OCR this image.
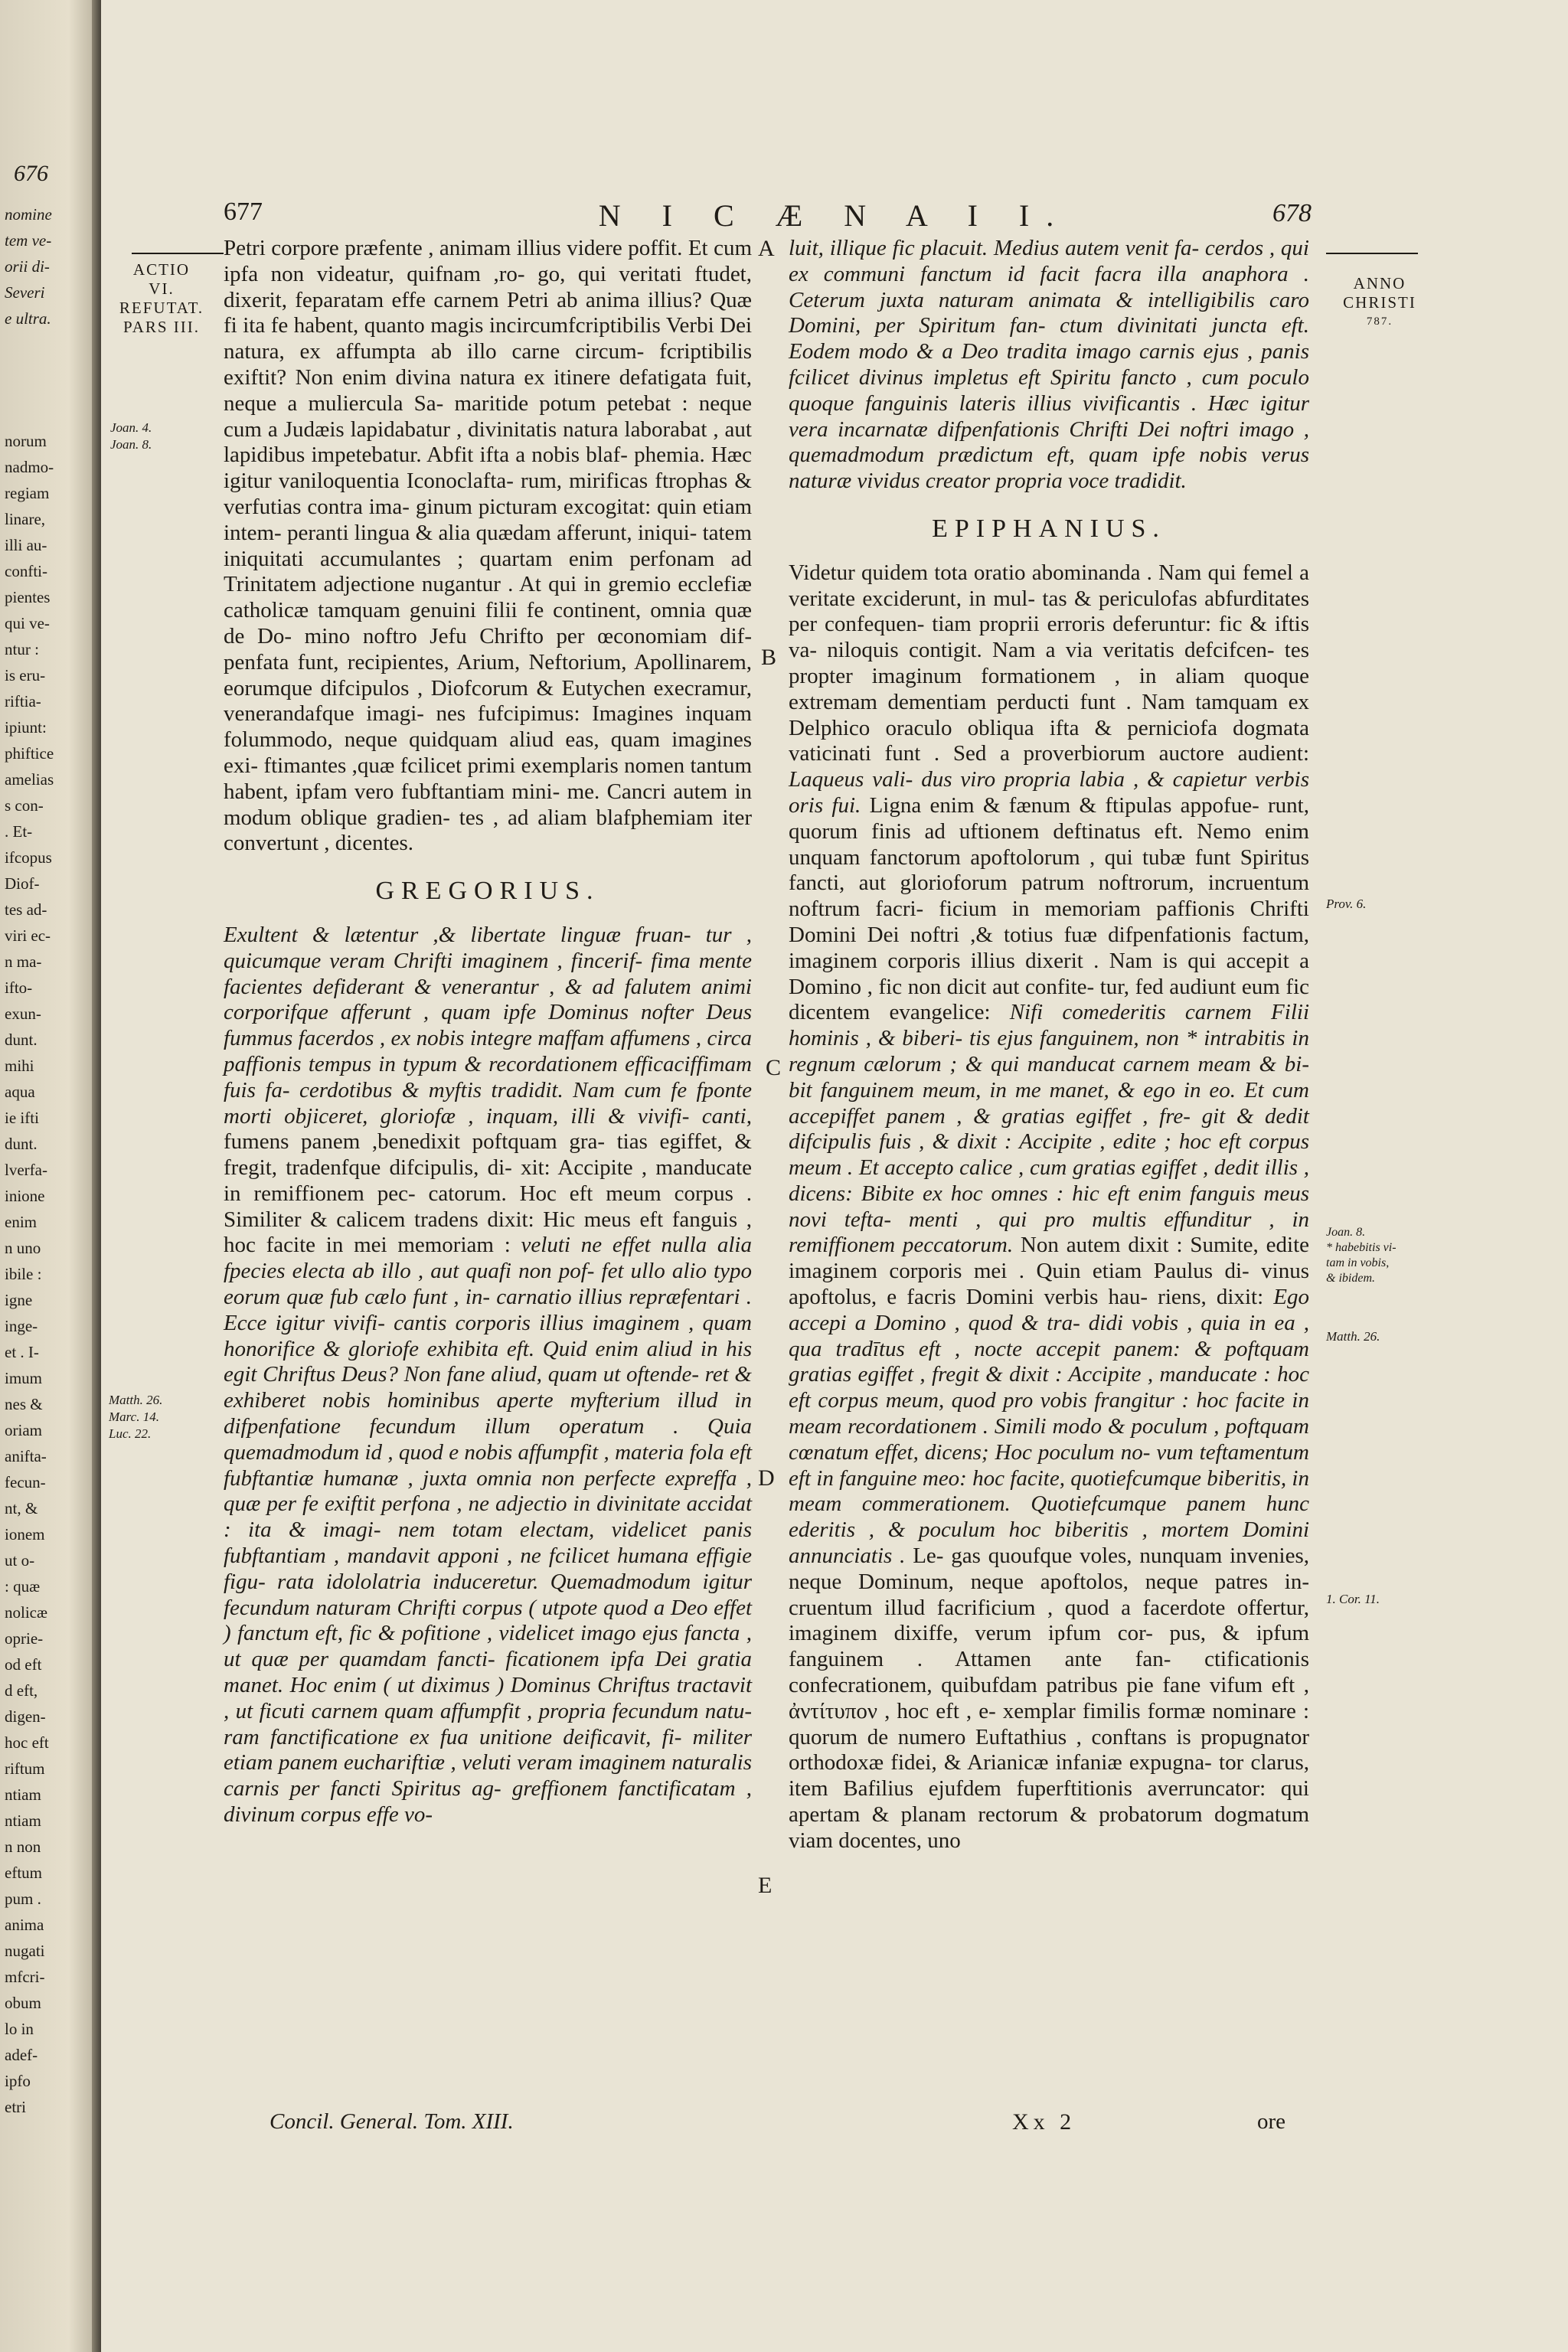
676
nomine
tem ve-
orii di-
Severi
e ultra.
norum
nadmo-
regiam
linare,
illi au-
confti-
pientes
qui ve-
ntur :
is eru-
riftia-
ipiunt:
phiftice
amelias
s con-
. Et-
ifcopus
Diof-
tes ad-
viri ec-
n ma-
ifto-
exun-
dunt.
mihi
aqua
ie ifti
dunt.
lverfa-
inione
enim
n uno
ibile :
igne
inge-
et . I-
imum
nes &
oriam
anifta-
fecun-
nt, &
ionem
ut o-
: quæ
nolicæ
oprie-
od eft
d eft,
digen-
hoc eft
riftum
ntiam
ntiam
n non
eftum
pum .
anima
nugati
mfcri-
obum
lo in
adef-
ipfo
etri
N I C Æ N A I I.
677	678
ACTIO
VI.
REFUTAT.
PARS III.
ANNO
CHRISTI
787.
Joan. 4.
Joan. 8.
Matth. 26.
Marc. 14.
Luc. 22.
Prov. 6.
Joan. 8.
* habebitis vi-
tam in vobis,
& ibidem.
Matth. 26.
1. Cor. 11.
A
B
C
D
E

Petri corpore præfente , animam illius videre poffit. Et cum ipfa non videatur, quifnam ,ro- go, qui veritati ftudet, dixerit, feparatam effe carnem Petri ab anima illius? Quæ fi ita fe habent, quanto magis incircumfcriptibilis Verbi Dei natura, ex affumpta ab illo carne circum- fcriptibilis exiftit? Non enim divina natura ex itinere defatigata fuit, neque a muliercula Sa- maritide potum petebat : neque cum a Judæis lapidabatur , divinitatis natura laborabat , aut lapidibus impetebatur. Abfit ifta a nobis blaf- phemia. Hæc igitur vaniloquentia Iconoclafta- rum, mirificas ftrophas & verfutias contra ima- ginum picturam excogitat: quin etiam intem- peranti lingua & alia quædam afferunt, iniqui- tatem iniquitati accumulantes ; quartam enim perfonam ad Trinitatem adjectione nugantur . At qui in gremio ecclefiæ catholicæ tamquam genuini filii fe continent, omnia quæ de Do- mino noftro Jefu Chrifto per œconomiam dif- penfata funt, recipientes, Arium, Neftorium, Apollinarem, eorumque difcipulos , Diofcorum & Eutychen execramur, venerandafque imagi- nes fufcipimus: Imagines inquam folummodo, neque quidquam aliud eas, quam imagines exi- ftimantes ,quæ fcilicet primi exemplaris nomen tantum habent, ipfam vero fubftantiam mini- me. Cancri autem in modum oblique gradien- tes , ad aliam blafphemiam iter convertunt , dicentes.

GREGORIUS.

Exultent & lætentur ,& libertate linguæ fruan- tur , quicumque veram Chrifti imaginem , fincerif- fima mente facientes defiderant & venerantur , & ad falutem animi corporifque afferunt , quam ipfe Dominus nofter Deus fummus facerdos , ex nobis integre maffam affumens , circa paffionis tempus in typum & recordationem efficaciffimam fuis fa- cerdotibus & myftis tradidit. Nam cum fe fponte morti objiceret, gloriofæ , inquam, illi & vivifi- canti, fumens panem ,benedixit poftquam gra- tias egiffet, & fregit, tradenfque difcipulis, di- xit: Accipite , manducate in remiffionem pec- catorum. Hoc eft meum corpus . Similiter & calicem tradens dixit: Hic meus eft fanguis , hoc facite in mei memoriam : veluti ne effet nulla alia fpecies electa ab illo , aut quafi non pof- fet ullo alio typo eorum quæ fub cælo funt , in- carnatio illius repræfentari . Ecce igitur vivifi- cantis corporis illius imaginem , quam honorifice & gloriofe exhibita eft. Quid enim aliud in his egit Chriftus Deus? Non fane aliud, quam ut oftende- ret & exhiberet nobis hominibus aperte myfterium illud in difpenfatione fecundum illum operatum . Quia quemadmodum id , quod e nobis affumpfit , materia fola eft fubftantiæ humanæ , juxta omnia non perfecte expreffa , quæ per fe exiftit perfona , ne adjectio in divinitate accidat : ita & imagi- nem totam electam, videlicet panis fubftantiam , mandavit apponi , ne fcilicet humana effigie figu- rata idololatria induceretur. Quemadmodum igitur fecundum naturam Chrifti corpus ( utpote quod a Deo effet ) fanctum eft, fic & pofitione , videlicet imago ejus fancta , ut quæ per quamdam fancti- ficationem ipfa Dei gratia manet. Hoc enim ( ut diximus ) Dominus Chriftus tractavit , ut ficuti carnem quam affumpfit , propria fecundum natu- ram fanctificatione ex fua unitione deificavit, fi- militer etiam panem euchariftiæ , veluti veram imaginem naturalis carnis per fancti Spiritus ag- greffionem fanctificatam , divinum corpus effe vo-

luit, illique fic placuit. Medius autem venit fa- cerdos , qui ex communi fanctum id facit facra illa anaphora . Ceterum juxta naturam animata & intelligibilis caro Domini, per Spiritum fan- ctum divinitati juncta eft. Eodem modo & a Deo tradita imago carnis ejus , panis fcilicet divinus impletus eft Spiritu fancto , cum poculo quoque fanguinis lateris illius vivificantis . Hæc igitur vera incarnatæ difpenfationis Chrifti Dei noftri imago , quemadmodum prædictum eft, quam ipfe nobis verus naturæ vividus creator propria voce tradidit.

EPIPHANIUS.

Videtur quidem tota oratio abominanda . Nam qui femel a veritate exciderunt, in mul- tas & periculofas abfurditates per confequen- tiam proprii erroris deferuntur: fic & iftis va- niloquis contigit. Nam a via veritatis defcifcen- tes propter imaginum formationem , in aliam quoque extremam dementiam perducti funt . Nam tamquam ex Delphico oraculo obliqua ifta & perniciofa dogmata vaticinati funt . Sed a proverbiorum auctore audient: Laqueus vali- dus viro propria labia , & capietur verbis oris fui. Ligna enim & fænum & ftipulas appofue- runt, quorum finis ad uftionem deftinatus eft. Nemo enim unquam fanctorum apoftolorum , qui tubæ funt Spiritus fancti, aut glorioforum patrum noftrorum, incruentum noftrum facri- ficium in memoriam paffionis Chrifti Domini Dei noftri ,& totius fuæ difpenfationis factum, imaginem corporis illius dixerit . Nam is qui accepit a Domino , fic non dicit aut confite- tur, fed audiunt eum fic dicentem evangelice: Nifi comederitis carnem Filii hominis , & biberi- tis ejus fanguinem, non * intrabitis in regnum cælorum ; & qui manducat carnem meam & bi- bit fanguinem meum, in me manet, & ego in eo. Et cum accepiffet panem , & gratias egiffet , fre- git & dedit difcipulis fuis , & dixit : Accipite , edite ; hoc eft corpus meum . Et accepto calice , cum gratias egiffet , dedit illis , dicens: Bibite ex hoc omnes : hic eft enim fanguis meus novi tefta- menti , qui pro multis effunditur , in remiffionem peccatorum. Non autem dixit : Sumite, edite imaginem corporis mei . Quin etiam Paulus di- vinus apoftolus, e facris Domini verbis hau- riens, dixit: Ego accepi a Domino , quod & tra- didi vobis , quia in ea , qua tradītus eft , nocte accepit panem: & poftquam gratias egiffet , fregit & dixit : Accipite , manducate : hoc eft corpus meum, quod pro vobis frangitur : hoc facite in meam recordationem . Simili modo & poculum , poftquam cœnatum effet, dicens; Hoc poculum no- vum teftamentum eft in fanguine meo: hoc facite, quotiefcumque biberitis, in meam commerationem. Quotiefcumque panem hunc ederitis , & poculum hoc biberitis , mortem Domini annunciatis . Le- gas quoufque voles, nunquam invenies, neque Dominum, neque apoftolos, neque patres in- cruentum illud facrificium , quod a facerdote offertur, imaginem dixiffe, verum ipfum cor- pus, & ipfum fanguinem . Attamen ante fan- ctificationis confecrationem, quibufdam patribus pie fane vifum eft , ἀντίτυπον , hoc eft , e- xemplar fimilis formæ nominare : quorum de numero Euftathius , conftans is propugnator orthodoxæ fidei, & Arianicæ infaniæ expugna- tor clarus, item Bafilius ejufdem fuperftitionis averruncator: qui apertam & planam rectorum & probatorum dogmatum viam docentes, uno

Concil. General. Tom. XIII.	Xx 2	ore
